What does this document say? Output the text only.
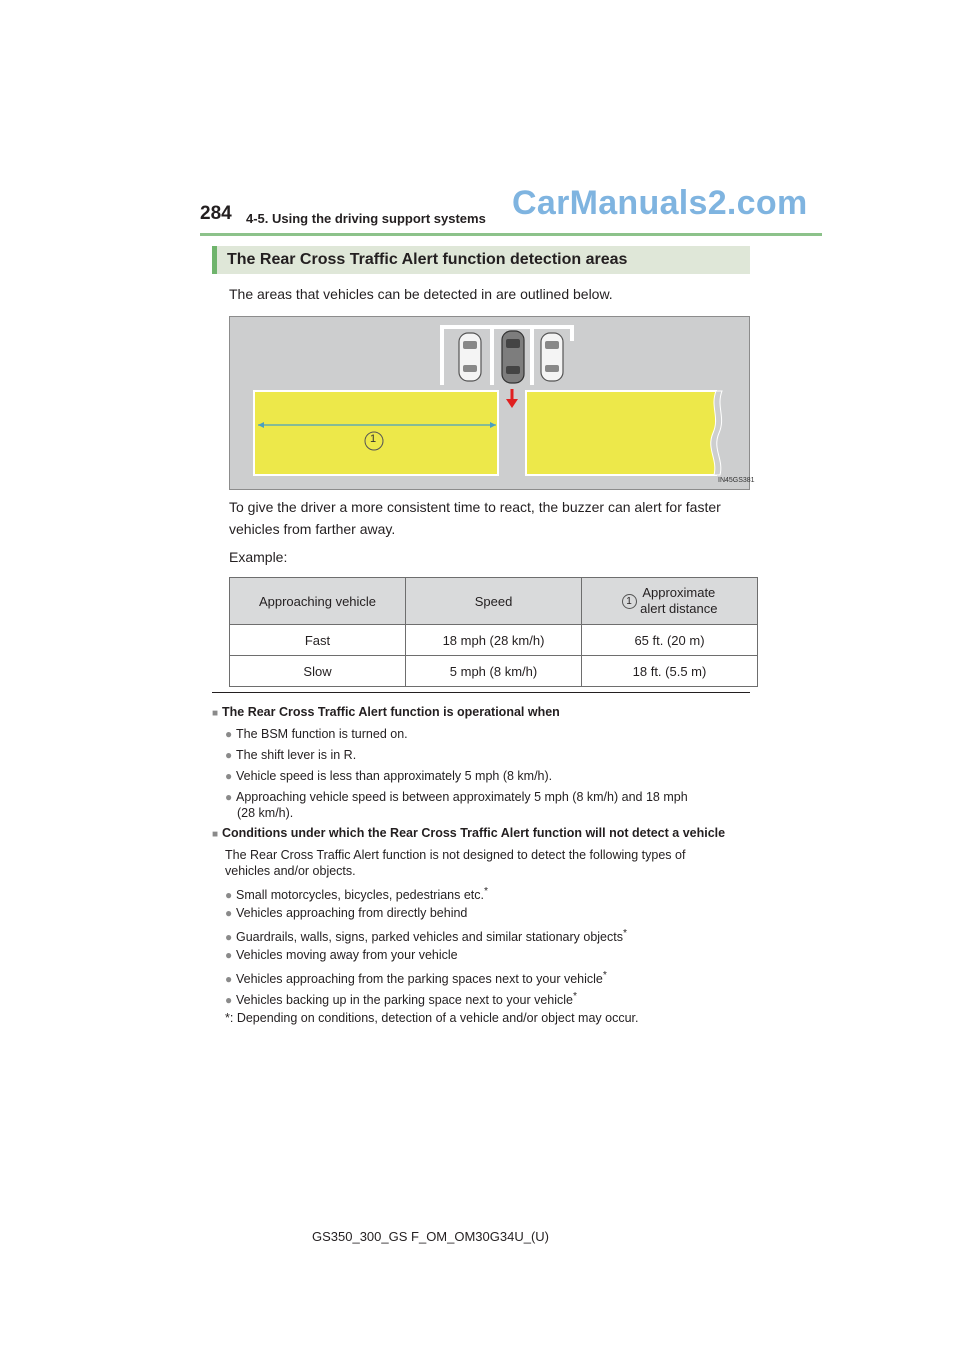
284 4-5. Using the driving support systems CarManuals2.com
The Rear Cross Traffic Alert function detection areas
The areas that vehicles can be detected in are outlined below.
1
IN45GS381
To give the driver a more consistent time to react, the buzzer can alert for faster
vehicles from farther away.
Example:
Approaching vehicle	Speed	1 Approximate
alert distance
Fast	18 mph (28 km/h)	65 ft. (20 m)
Slow	5 mph (8 km/h)	18 ft. (5.5 m)
■ The Rear Cross Traffic Alert function is operational when
● The BSM function is turned on.
● The shift lever is in R.
● Vehicle speed is less than approximately 5 mph (8 km/h).
● Approaching vehicle speed is between approximately 5 mph (8 km/h) and 18 mph
(28 km/h).
■ Conditions under which the Rear Cross Traffic Alert function will not detect a vehicle
The Rear Cross Traffic Alert function is not designed to detect the following types of
vehicles and/or objects.
● Small motorcycles, bicycles, pedestrians etc.*
● Vehicles approaching from directly behind
● Guardrails, walls, signs, parked vehicles and similar stationary objects*
● Vehicles moving away from your vehicle
● Vehicles approaching from the parking spaces next to your vehicle*
● Vehicles backing up in the parking space next to your vehicle*
*: Depending on conditions, detection of a vehicle and/or object may occur.
GS350_300_GS F_OM_OM30G34U_(U)
